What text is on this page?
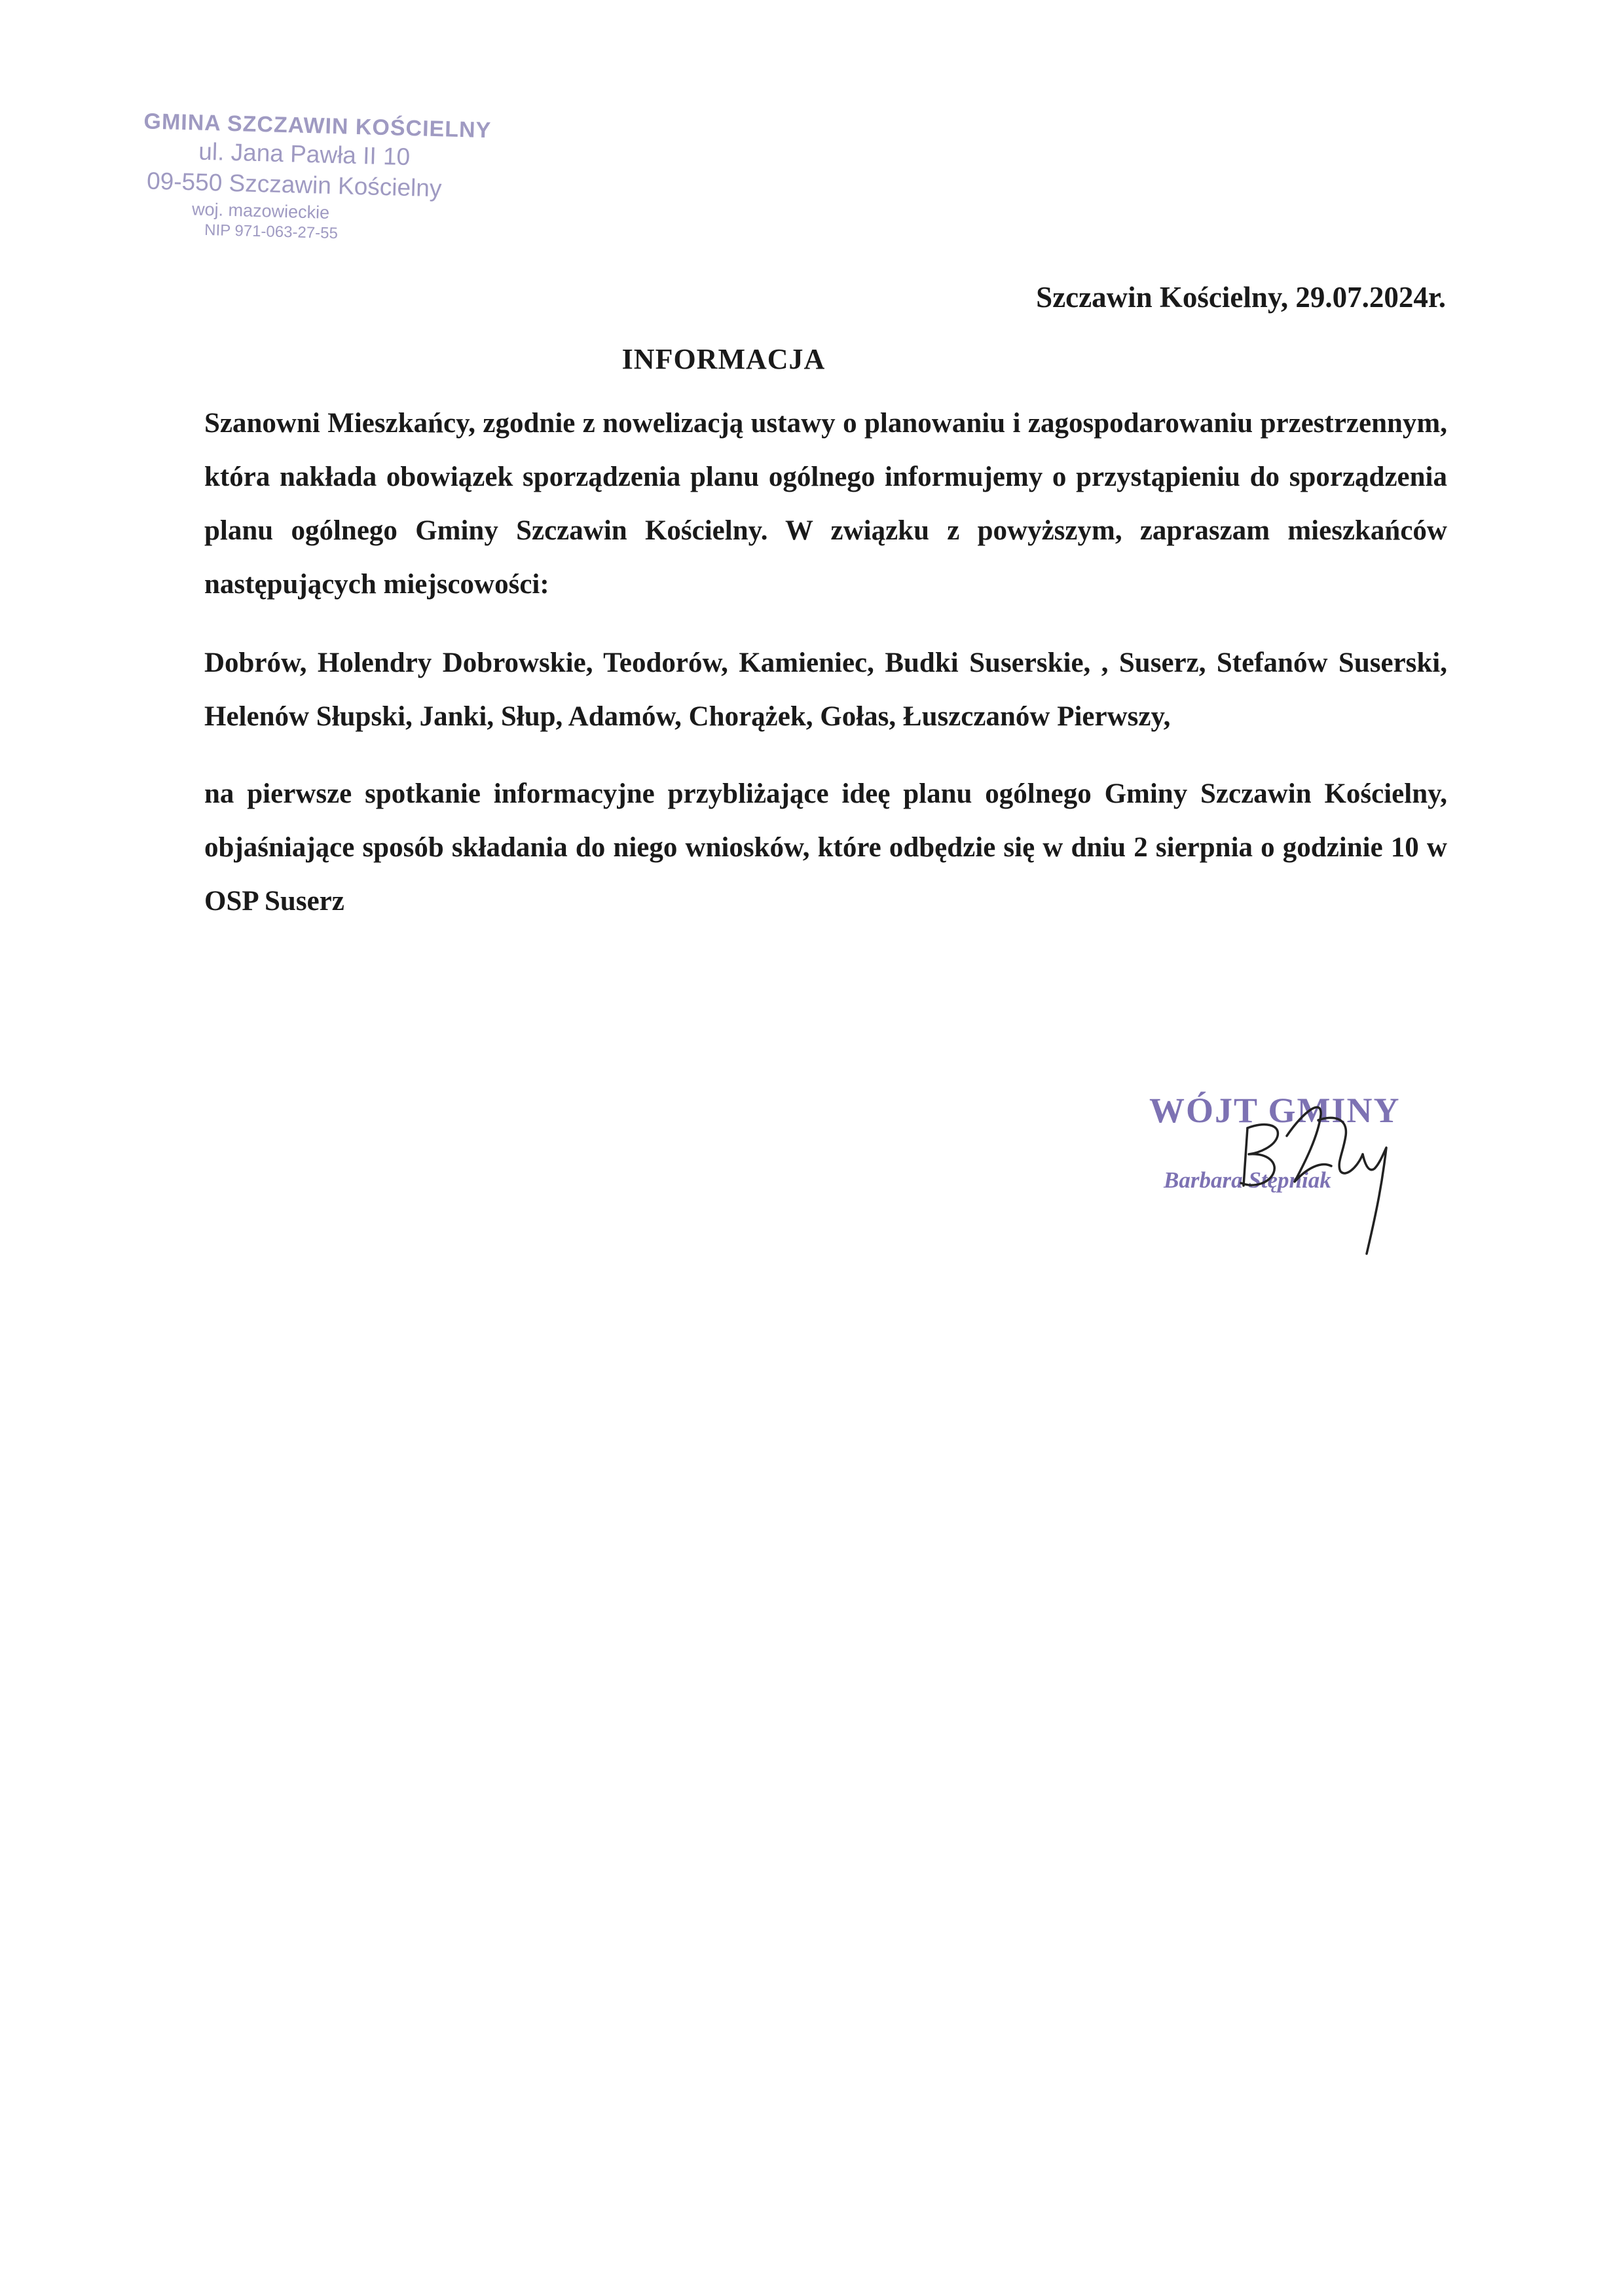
GMINA SZCZAWIN KOŚCIELNY
ul. Jana Pawła II 10
09-550 Szczawin Kościelny
woj. mazowieckie
NIP 971-063-27-55
Szczawin Kościelny, 29.07.2024r.
INFORMACJA

Szanowni Mieszkańcy, zgodnie z nowelizacją ustawy o planowaniu i zagospodarowaniu przestrzennym, która nakłada obowiązek sporządzenia planu ogólnego informujemy o przystąpieniu do sporządzenia planu ogólnego Gminy Szczawin Kościelny. W związku z powyższym, zapraszam mieszkańców następujących miejscowości:

Dobrów, Holendry Dobrowskie, Teodorów, Kamieniec, Budki Suserskie, , Suserz, Stefanów Suserski, Helenów Słupski, Janki, Słup, Adamów, Chorążek, Gołas, Łuszczanów Pierwszy,

na pierwsze spotkanie informacyjne przybliżające ideę planu ogólnego Gminy Szczawin Kościelny, objaśniające sposób składania do niego wniosków, które odbędzie się w dniu 2 sierpnia o godzinie 10 w OSP Suserz

WÓJT GMINY
Barbara Stępniak
